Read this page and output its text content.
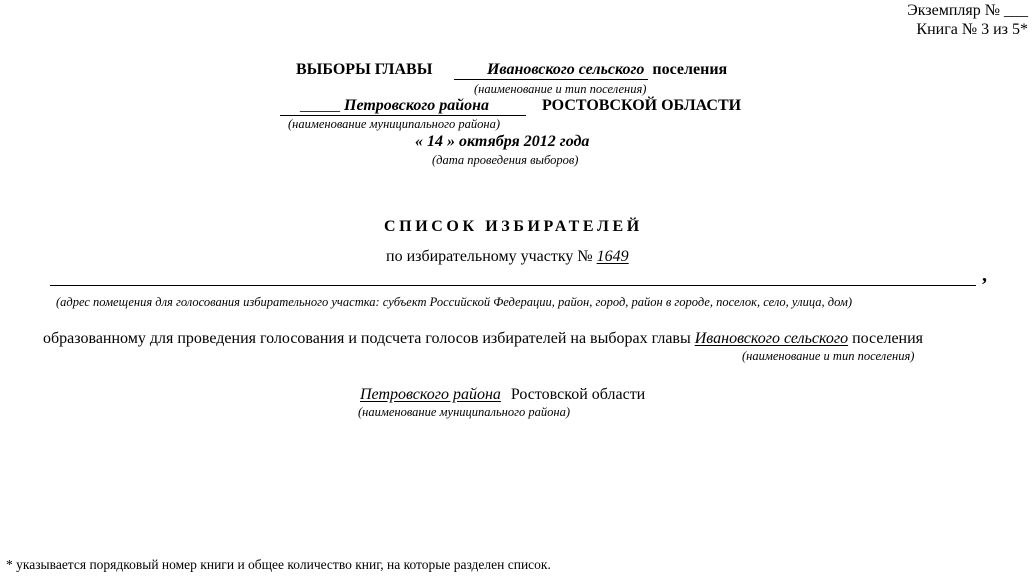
Экземпляр № ___
Книга № 3 из 5*
ВЫБОРЫ ГЛАВЫ	Ивановского сельского поселения
(наименование и тип поселения)
_____ Петровского района	РОСТОВСКОЙ ОБЛАСТИ
(наименование муниципального района)
« 14 » октября 2012 года
(дата проведения выборов)
СПИСОК ИЗБИРАТЕЛЕЙ
по избирательному участку № 1649
,
(адрес помещения для голосования избирательного участка: субъект Российской Федерации, район, город, район в городе, поселок, село, улица, дом)
образованному для проведения голосования и подсчета голосов избирателей на выборах главы Ивановского сельского поселения
(наименование и тип поселения)
Петровского района Ростовской области
(наименование муниципального района)
* указывается порядковый номер книги и общее количество книг, на которые разделен список.
